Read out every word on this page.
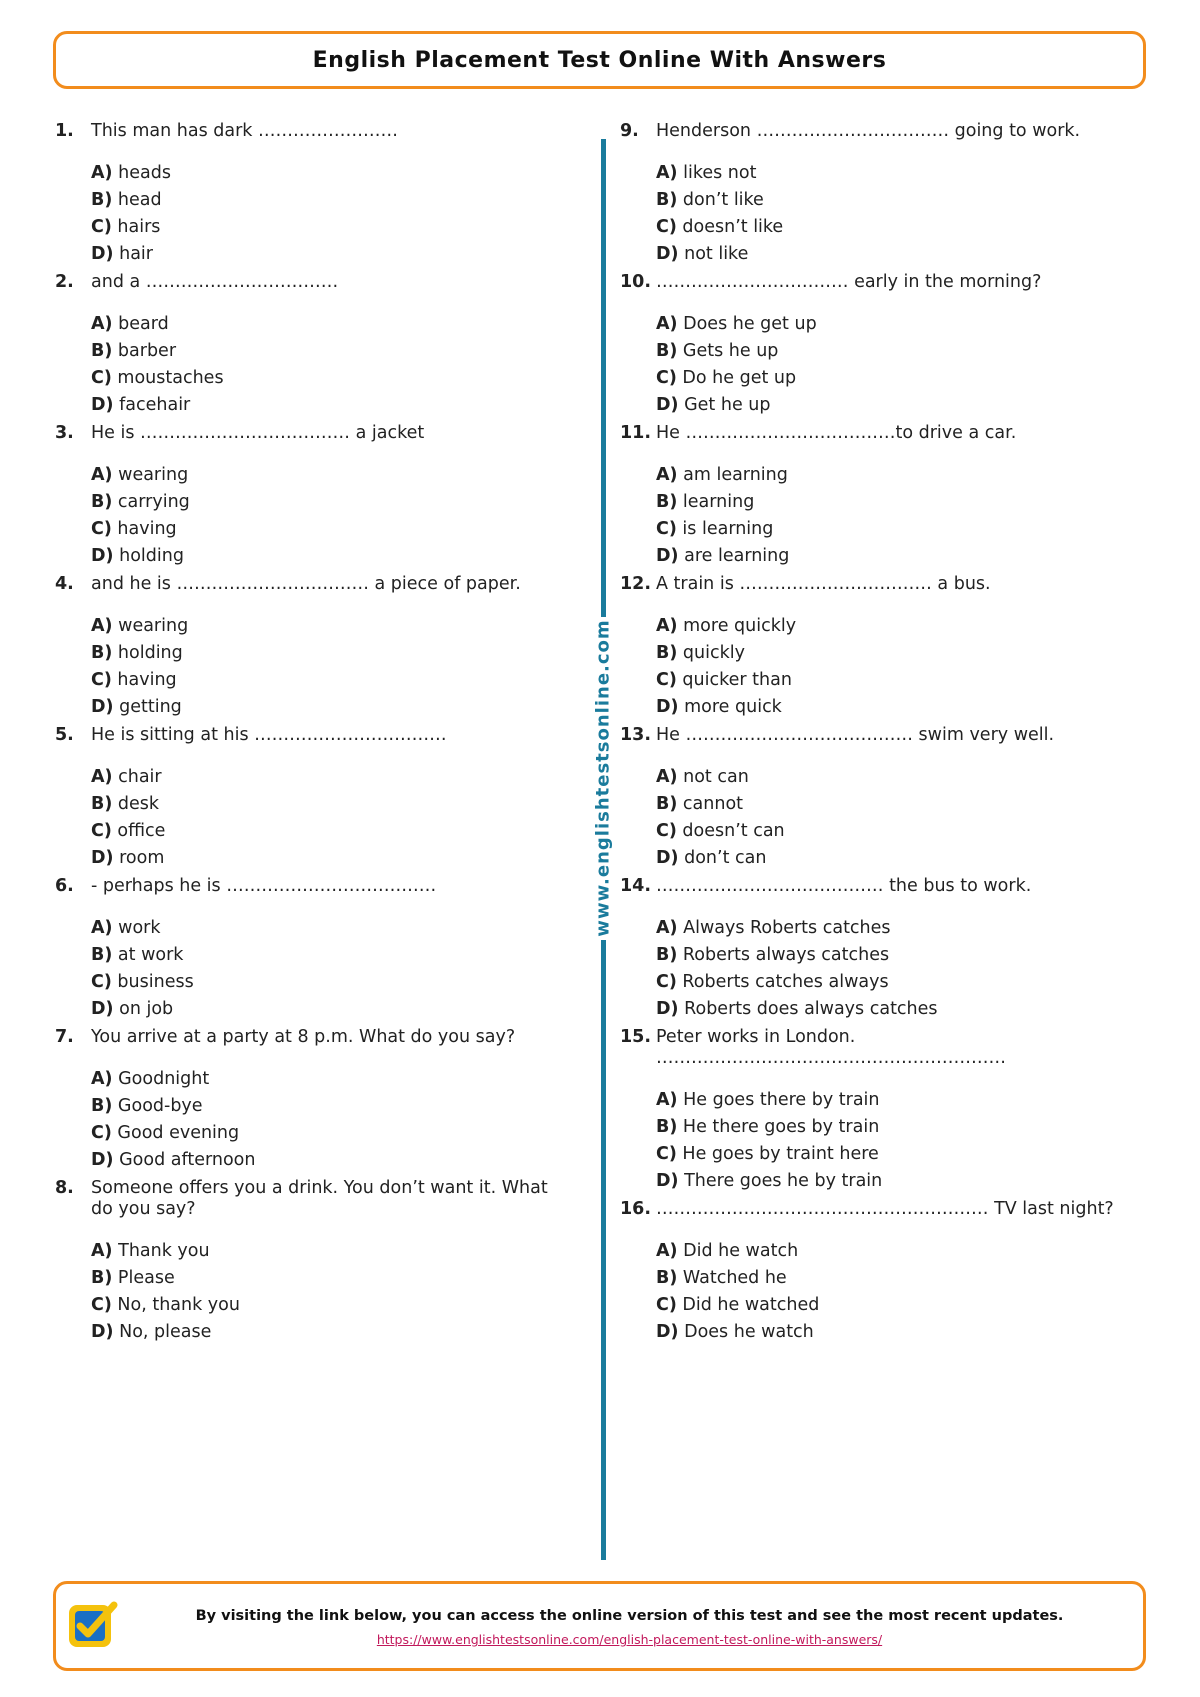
English Placement Test Online With Answers
1. This man has dark ……………………
A) heads
B) head
C) hairs
D) hair
2. and a ……………………………
A) beard
B) barber
C) moustaches
D) facehair
3. He is ……………………………… a jacket
A) wearing
B) carrying
C) having
D) holding
4. and he is …………………………… a piece of paper.
A) wearing
B) holding
C) having
D) getting
5. He is sitting at his ……………………………
A) chair
B) desk
C) office
D) room
6. - perhaps he is ………………………………
A) work
B) at work
C) business
D) on job
7. You arrive at a party at 8 p.m. What do you say?
A) Goodnight
B) Good-bye
C) Good evening
D) Good afternoon
8. Someone offers you a drink. You don’t want it. What do you say?
A) Thank you
B) Please
C) No, thank you
D) No, please
www.englishtestsonline.com
9. Henderson …………………………… going to work.
A) likes not
B) don’t like
C) doesn’t like
D) not like
10. …………………………… early in the morning?
A) Does he get up
B) Gets he up
C) Do he get up
D) Get he up
11. He ………………………………to drive a car.
A) am learning
B) learning
C) is learning
D) are learning
12. A train is …………………………… a bus.
A) more quickly
B) quickly
C) quicker than
D) more quick
13. He ………………………………… swim very well.
A) not can
B) cannot
C) doesn’t can
D) don’t can
14. ………………………………… the bus to work.
A) Always Roberts catches
B) Roberts always catches
C) Roberts catches always
D) Roberts does always catches
15. Peter works in London. ……………………………………………………
A) He goes there by train
B) He there goes by train
C) He goes by traint here
D) There goes he by train
16. ………………………………………………… TV last night?
A) Did he watch
B) Watched he
C) Did he watched
D) Does he watch
By visiting the link below, you can access the online version of this test and see the most recent updates.
https://www.englishtestsonline.com/english-placement-test-online-with-answers/
